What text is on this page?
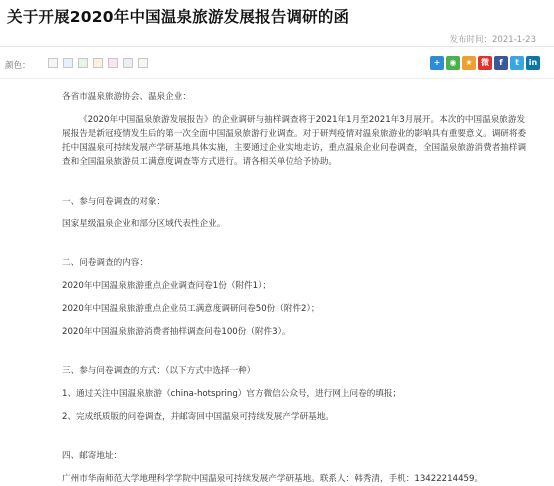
关于开展2020年中国温泉旅游发展报告调研的函
发布时间：2021-1-23
颜色：	+	◉	★	微	f	t	in

各省市温泉旅游协会、温泉企业：

《2020年中国温泉旅游发展报告》的企业调研与抽样调查将于2021年1月至2021年3月展开。本次的中国温泉旅游发展报告是新冠疫情发生后的第一次全面中国温泉旅游行业调查。对于研判疫情对温泉旅游业的影响具有重要意义。调研将委托中国温泉可持续发展产学研基地具体实施，主要通过企业实地走访，重点温泉企业问卷调查，全国温泉旅游消费者抽样调查和全国温泉旅游员工满意度调查等方式进行。请各相关单位给予协助。

一、参与问卷调查的对象：

国家星级温泉企业和部分区域代表性企业。

二、问卷调查的内容：

2020年中国温泉旅游重点企业调查问卷1份（附件1）；

2020年中国温泉旅游重点企业员工满意度调研问卷50份（附件2）；

2020年中国温泉旅游消费者抽样调查问卷100份（附件3）。

三、参与问卷调查的方式：（以下方式中选择一种）

1、通过关注中国温泉旅游（china-hotspring）官方微信公众号，进行网上问卷的填报；

2、完成纸质版的问卷调查，并邮寄回中国温泉可持续发展产学研基地。

四、邮寄地址：

广州市华南师范大学地理科学学院中国温泉可持续发展产学研基地。联系人：韩秀清，手机：13422214459。
